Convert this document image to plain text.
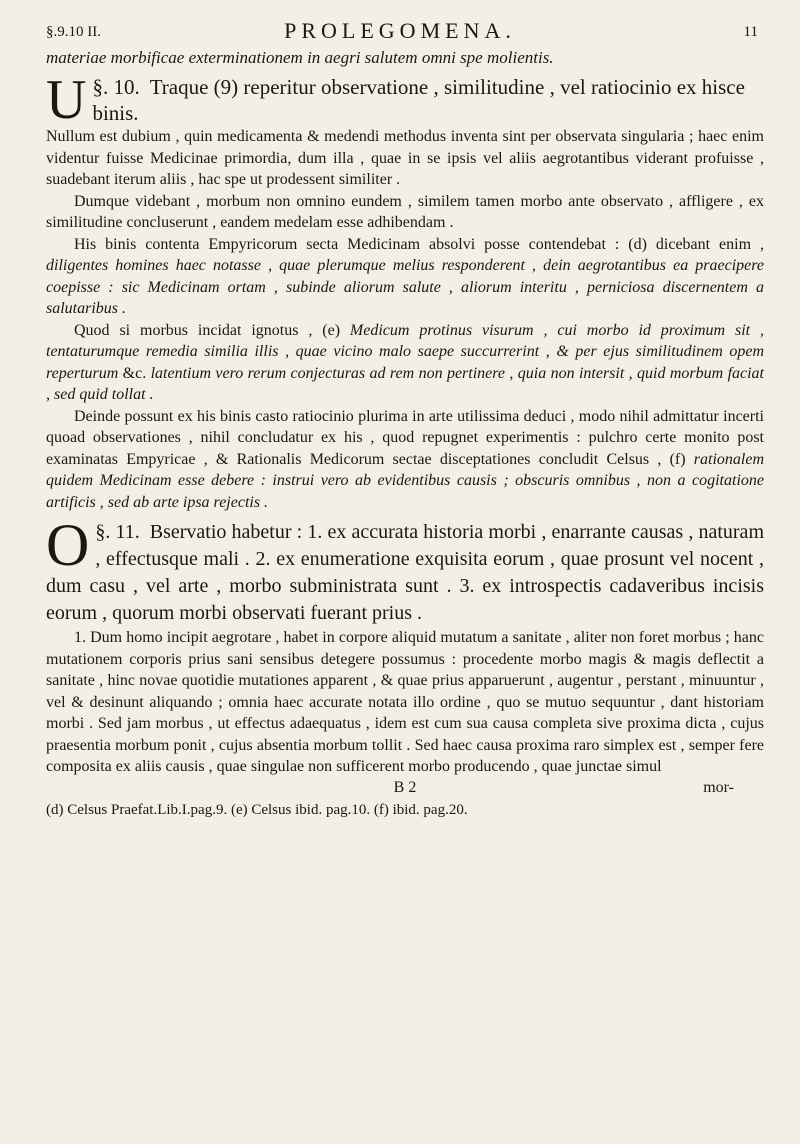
§.9.10 II.	PROLEGOMENA.	11
materiae morbificae exterminationem in aegri salutem omni spe molientis.
§. 10.
U	Traque (9) reperitur observatione , similitudine , vel ratiocinio ex hisce binis.

Nullum est dubium , quin medicamenta & medendi methodus inventa sint per observata singularia ; haec enim videntur fuisse Medicinae primordia, dum illa , quae in se ipsis vel aliis aegrotantibus viderant profuisse , suadebant iterum aliis , hac spe ut prodessent similiter .

Dumque videbant , morbum non omnino eundem , similem tamen morbo ante observato , affligere , ex similitudine concluserunt , eandem medelam esse adhibendam .

His binis contenta Empyricorum secta Medicinam absolvi posse contendebat : (d) dicebant enim , diligentes homines haec notasse , quae plerumque melius responderent , dein aegrotantibus ea praecipere coepisse : sic Medicinam ortam , subinde aliorum salute , aliorum interitu , perniciosa discernentem a salutaribus .

Quod si morbus incidat ignotus , (e) Medicum protinus visurum , cui morbo id proximum sit , tentaturumque remedia similia illis , quae vicino malo saepe succurrerint , & per ejus similitudinem opem reperturum &c. latentium vero rerum conjecturas ad rem non pertinere , quia non intersit , quid morbum faciat , sed quid tollat .

Deinde possunt ex his binis casto ratiocinio plurima in arte utilissima deduci , modo nihil admittatur incerti quoad observationes , nihil concludatur ex his , quod repugnet experimentis : pulchro certe monito post examinatas Empyricae , & Rationalis Medicorum sectae disceptationes concludit Celsus , (f) rationalem quidem Medicinam esse debere : instrui vero ab evidentibus causis ; obscuris omnibus , non a cogitatione artificis , sed ab arte ipsa rejectis .

§. 11.
O	Bservatio habetur : 1. ex accurata historia morbi , enarrante causas , naturam , effectusque mali . 2. ex enumeratione exquisita eorum , quae prosunt vel nocent , dum casu , vel arte , morbo subministrata sunt . 3. ex introspectis cadaveribus incisis eorum , quorum morbi observati fuerant prius .

1. Dum homo incipit aegrotare , habet in corpore aliquid mutatum a sanitate , aliter non foret morbus ; hanc mutationem corporis prius sani sensibus detegere possumus : procedente morbo magis & magis deflectit a sanitate , hinc novae quotidie mutationes apparent , & quae prius apparuerunt , augentur , perstant , minuuntur , vel & desinunt aliquando ; omnia haec accurate notata illo ordine , quo se mutuo sequuntur , dant historiam morbi . Sed jam morbus , ut effectus adaequatus , idem est cum sua causa completa sive proxima dicta , cujus praesentia morbum ponit , cujus absentia morbum tollit . Sed haec causa proxima raro simplex est , semper fere composita ex aliis causis , quae singulae non sufficerent morbo producendo , quae junctae simul

B 2	mor-
(d) Celsus Praefat.Lib.I.pag.9. (e) Celsus ibid. pag.10. (f) ibid. pag.20.
